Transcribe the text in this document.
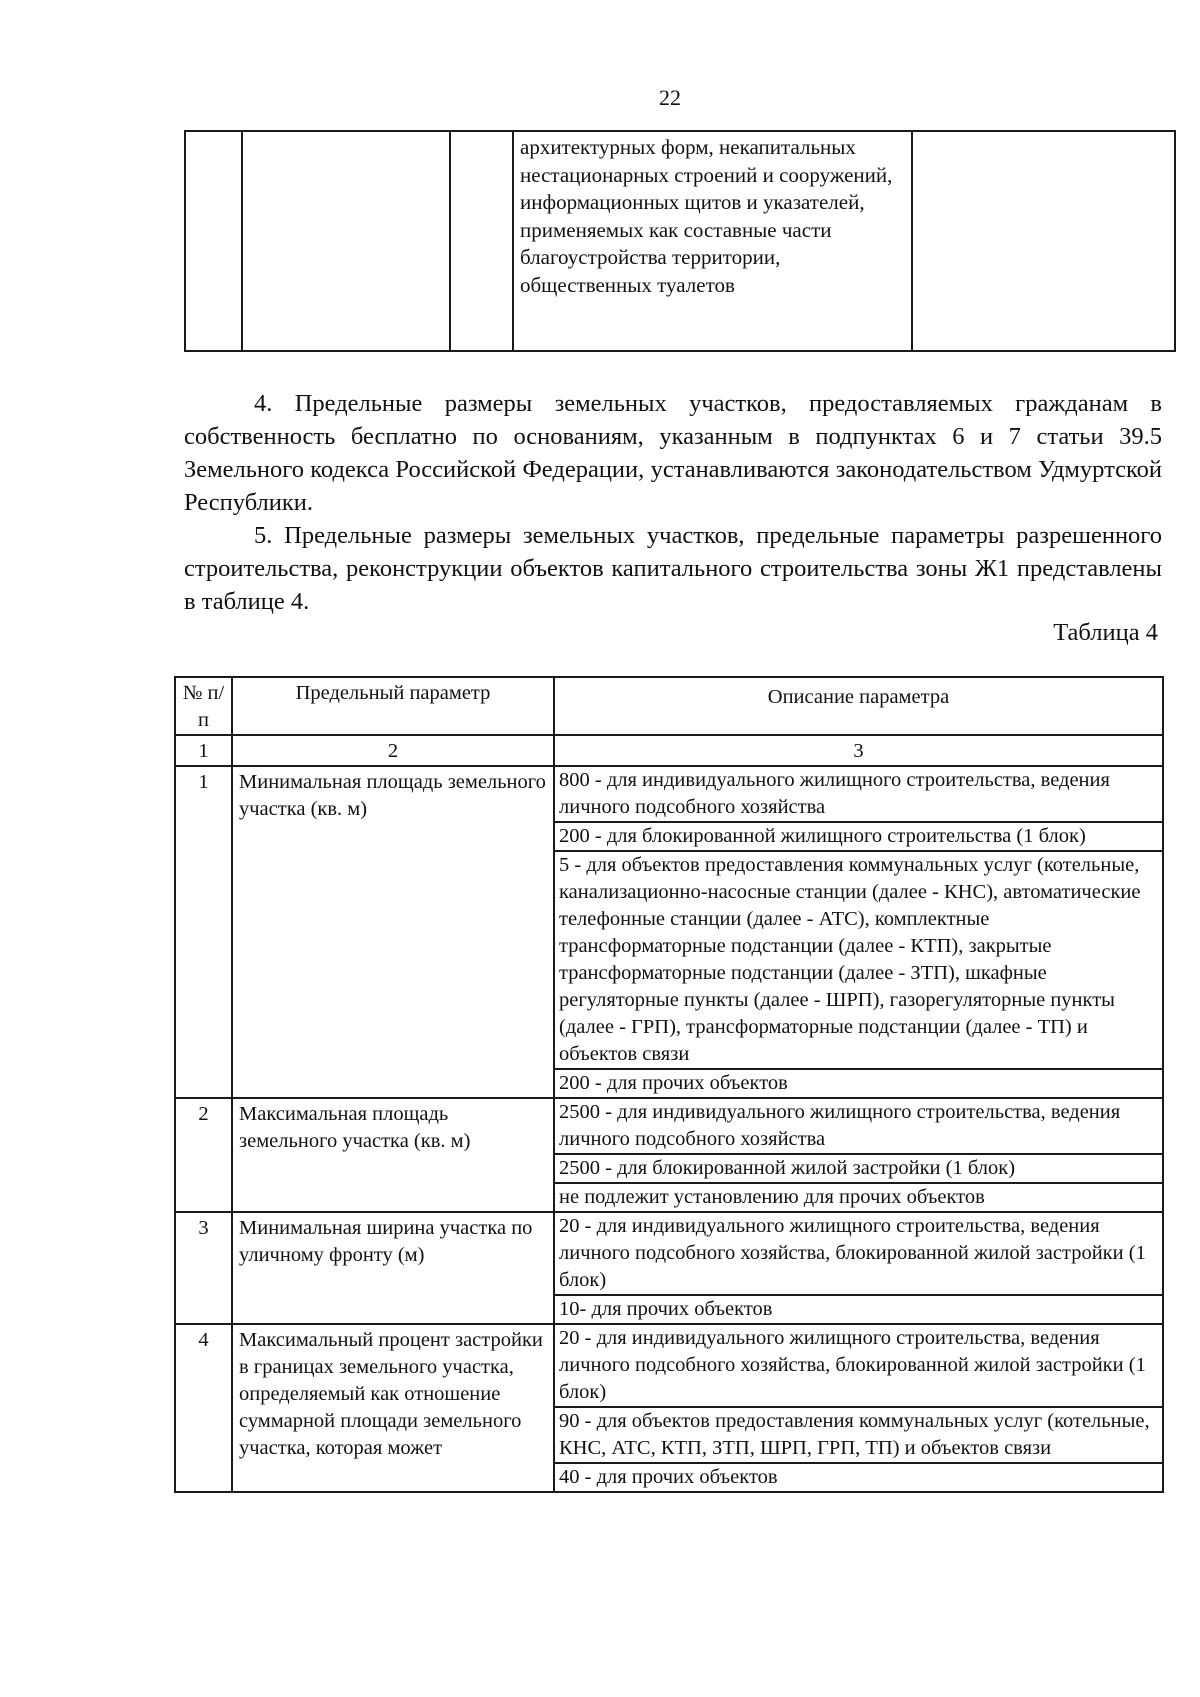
22
			архитектурных форм, некапитальных нестационарных строений и сооружений, информационных щитов и указателей, применяемых как составные части благоустройства территории, общественных туалетов	

4. Предельные размеры земельных участков, предоставляемых гражданам в собственность бесплатно по основаниям, указанным в подпунктах 6 и 7 статьи 39.5 Земельного кодекса Российской Федерации, устанавливаются законодательством Удмуртской Республики.

5. Предельные размеры земельных участков, предельные параметры разрешенного строительства, реконструкции объектов капитального строительства зоны Ж1 представлены в таблице 4.

Таблица 4
№ п/п	Предельный параметр	Описание параметра
1	2	3
1	Минимальная площадь земельного участка (кв. м)	800 - для индивидуального жилищного строительства, ведения личного подсобного хозяйства
		200 - для блокированной жилищного строительства (1 блок)
		5 - для объектов предоставления коммунальных услуг (котельные, канализационно-насосные станции (далее - КНС), автоматические телефонные станции (далее - АТС), комплектные трансформаторные подстанции (далее - КТП), закрытые трансформаторные подстанции (далее - ЗТП), шкафные регуляторные пункты (далее - ШРП), газорегуляторные пункты (далее - ГРП), трансформаторные подстанции (далее - ТП) и объектов связи
		200 - для прочих объектов
2	Максимальная площадь земельного участка (кв. м)	2500 - для индивидуального жилищного строительства, ведения личного подсобного хозяйства
		2500 - для блокированной жилой застройки (1 блок)
		не подлежит установлению для прочих объектов
3	Минимальная ширина участка по уличному фронту (м)	20 - для индивидуального жилищного строительства, ведения личного подсобного хозяйства, блокированной жилой застройки (1 блок)
		10- для прочих объектов
4	Максимальный процент застройки в границах земельного участка, определяемый как отношение суммарной площади земельного участка, которая может	20 - для индивидуального жилищного строительства, ведения личного подсобного хозяйства, блокированной жилой застройки (1 блок)
		90 - для объектов предоставления коммунальных услуг (котельные, КНС, АТС, КТП, ЗТП, ШРП, ГРП, ТП) и объектов связи
		40 - для прочих объектов
